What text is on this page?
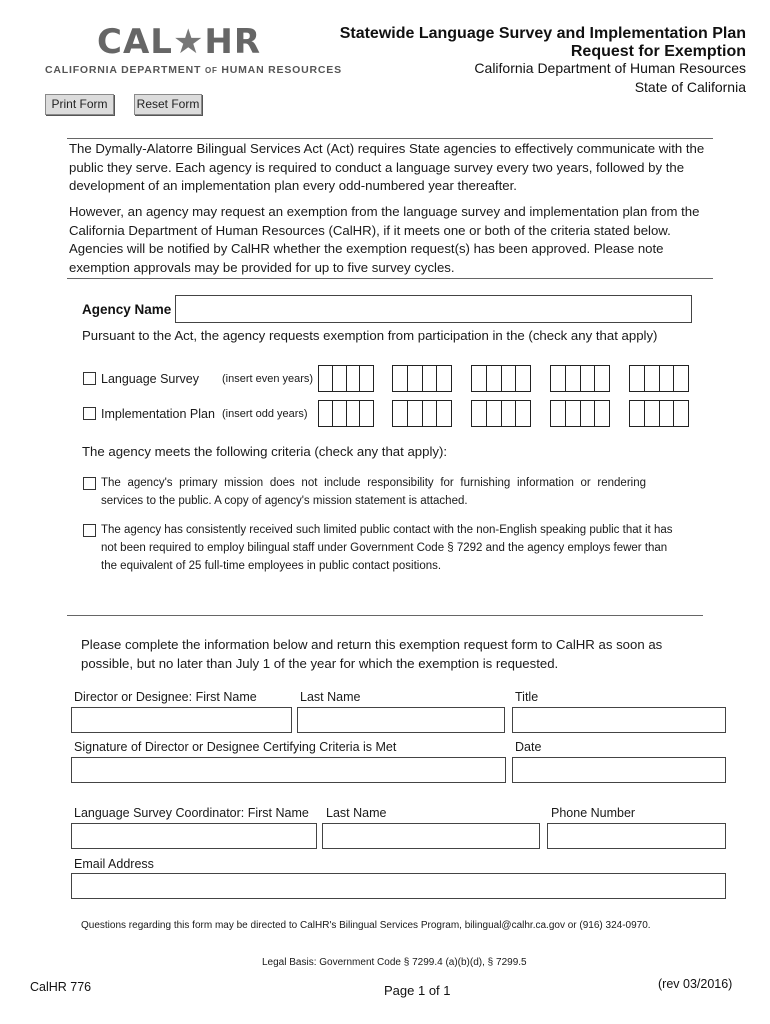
CAL★HR
CALIFORNIA DEPARTMENT OF HUMAN RESOURCES
Statewide Language Survey and Implementation Plan
Request for Exemption
California Department of Human Resources
State of California
Print Form	Reset Form
The Dymally-Alatorre Bilingual Services Act (Act) requires State agencies to effectively communicate with the public they serve. Each agency is required to conduct a language survey every two years, followed by the development of an implementation plan every odd-numbered year thereafter.
However, an agency may request an exemption from the language survey and implementation plan from the California Department of Human Resources (CalHR), if it meets one or both of the criteria stated below. Agencies will be notified by CalHR whether the exemption request(s) has been approved. Please note exemption approvals may be provided for up to five survey cycles.
Agency Name
Pursuant to the Act, the agency requests exemption from participation in the (check any that apply)
Language Survey (insert even years)
Implementation Plan (insert odd years)
The agency meets the following criteria (check any that apply):
The agency's primary mission does not include responsibility for furnishing information or rendering services to the public. A copy of agency's mission statement is attached.
The agency has consistently received such limited public contact with the non-English speaking public that it has not been required to employ bilingual staff under Government Code § 7292 and the agency employs fewer than the equivalent of 25 full-time employees in public contact positions.
Please complete the information below and return this exemption request form to CalHR as soon as possible, but no later than July 1 of the year for which the exemption is requested.
Director or Designee: First Name	Last Name	Title
Signature of Director or Designee Certifying Criteria is Met	Date
Language Survey Coordinator: First Name Last Name	Phone Number
Email Address
Questions regarding this form may be directed to CalHR's Bilingual Services Program, bilingual@calhr.ca.gov or (916) 324-0970.
Legal Basis: Government Code § 7299.4 (a)(b)(d), § 7299.5
CalHR 776	Page 1 of 1	(rev 03/2016)
